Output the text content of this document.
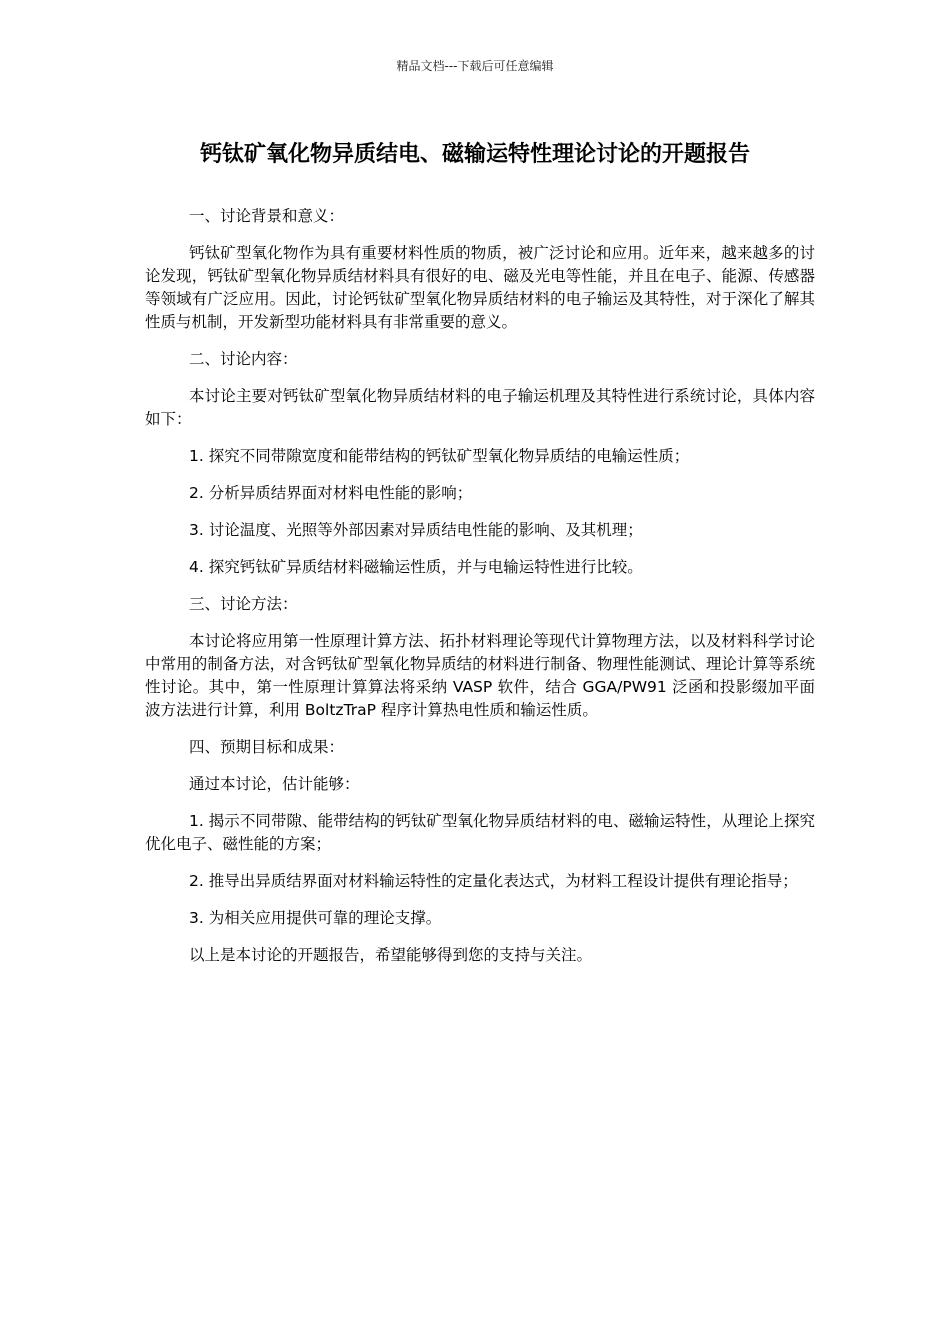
精品文档---下载后可任意编辑
钙钛矿氧化物异质结电、磁输运特性理论讨论的开题报告

一、讨论背景和意义：

钙钛矿型氧化物作为具有重要材料性质的物质，被广泛讨论和应用。近年来，越来越多的讨论发现，钙钛矿型氧化物异质结材料具有很好的电、磁及光电等性能，并且在电子、能源、传感器等领域有广泛应用。因此，讨论钙钛矿型氧化物异质结材料的电子输运及其特性，对于深化了解其性质与机制，开发新型功能材料具有非常重要的意义。

二、讨论内容：

本讨论主要对钙钛矿型氧化物异质结材料的电子输运机理及其特性进行系统讨论，具体内容如下：

1. 探究不同带隙宽度和能带结构的钙钛矿型氧化物异质结的电输运性质；

2. 分析异质结界面对材料电性能的影响；

3. 讨论温度、光照等外部因素对异质结电性能的影响、及其机理；

4. 探究钙钛矿异质结材料磁输运性质，并与电输运特性进行比较。

三、讨论方法：

本讨论将应用第一性原理计算方法、拓扑材料理论等现代计算物理方法，以及材料科学讨论中常用的制备方法，对含钙钛矿型氧化物异质结的材料进行制备、物理性能测试、理论计算等系统性讨论。其中，第一性原理计算算法将采纳 VASP 软件，结合 GGA/PW91 泛函和投影缀加平面波方法进行计算，利用 BoltzTraP 程序计算热电性质和输运性质。

四、预期目标和成果：

通过本讨论，估计能够：

1. 揭示不同带隙、能带结构的钙钛矿型氧化物异质结材料的电、磁输运特性，从理论上探究优化电子、磁性能的方案；

2. 推导出异质结界面对材料输运特性的定量化表达式，为材料工程设计提供有理论指导；

3. 为相关应用提供可靠的理论支撑。

以上是本讨论的开题报告，希望能够得到您的支持与关注。
